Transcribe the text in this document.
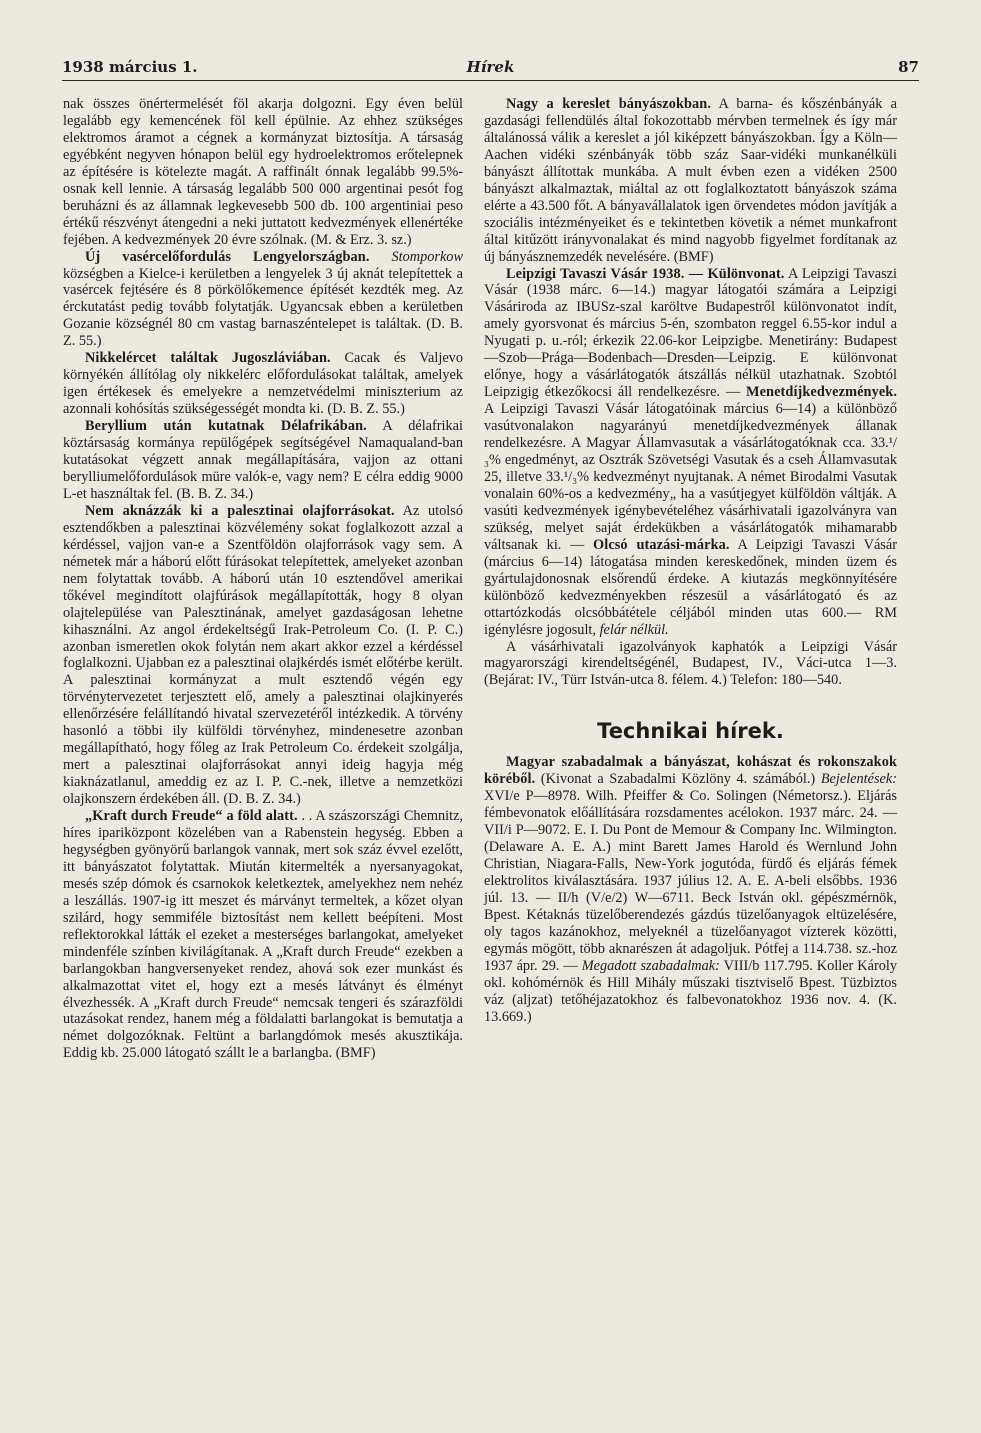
1938 március 1.	Hírek	87

nak összes önértermelését föl akarja dolgozni. Egy éven belül legalább egy kemencének föl kell épülnie. Az ehhez szükséges elektromos áramot a cégnek a kormányzat biztosítja. A társaság egyébként negyven hónapon belül egy hydroelektromos erőtelepnek az építésére is kötelezte magát. A raffinált ónnak legalább 99.5%-osnak kell lennie. A társaság legalább 500 000 argentinai pesót fog beruházni és az államnak legkevesebb 500 db. 100 argentiniai peso értékű részvényt átengedni a neki juttatott kedvezmények ellenértéke fejében. A kedvezmények 20 évre szólnak. (M. & Erz. 3. sz.)

Új vasércelőfordulás Lengyelországban. Stomporkow községben a Kielce-i kerületben a lengyelek 3 új aknát telepítettek a vasércek fejtésére és 8 pörkölőkemence építését kezdték meg. Az érckutatást pedig tovább folytatják. Ugyancsak ebben a kerületben Gozanie községnél 80 cm vastag barnaszéntelepet is találtak. (D. B. Z. 55.)

Nikkelércet találtak Jugoszláviában. Cacak és Valjevo környékén állítólag oly nikkelérc előfordulásokat találtak, amelyek igen értékesek és emelyekre a nemzetvédelmi miniszterium az azonnali kohósítás szükségességét mondta ki. (D. B. Z. 55.)

Beryllium után kutatnak Délafrikában. A délafrikai köztársaság kormánya repülőgépek segítségével Namaqualand-ban kutatásokat végzett annak megállapítására, vajjon az ottani berylliumelőfordulások müre valók-e, vagy nem? E célra eddig 9000 L-et használtak fel. (B. B. Z. 34.)

Nem aknázzák ki a palesztinai olajforrásokat. Az utolsó esztendőkben a palesztinai közvélemény sokat foglalkozott azzal a kérdéssel, vajjon van-e a Szentföldön olajforrások vagy sem. A németek már a háború előtt fúrásokat telepítettek, amelyeket azonban nem folytattak tovább. A háború után 10 esztendővel amerikai tőkével megindított olajfúrások megállapították, hogy 8 olyan olajtelepülése van Palesztinának, amelyet gazdaságosan lehetne kihasználni. Az angol érdekeltségű Irak-Petroleum Co. (I. P. C.) azonban ismeretlen okok folytán nem akart akkor ezzel a kérdéssel foglalkozni. Ujabban ez a palesztinai olajkérdés ismét előtérbe került. A palesztinai kormányzat a mult esztendő végén egy törvénytervezetet terjesztett elő, amely a palesztinai olajkinyerés ellenőrzésére felállítandó hivatal szervezetéről intézkedik. A törvény hasonló a többi ily külföldi törvényhez, mindenesetre azonban megállapítható, hogy főleg az Irak Petroleum Co. érdekeit szolgálja, mert a palesztinai olajforrásokat annyi ideig hagyja még kiaknázatlanul, ameddig ez az I. P. C.-nek, illetve a nemzetközi olajkonszern érdekében áll. (D. B. Z. 34.)

„Kraft durch Freude“ a föld alatt. . . A szászországi Chemnitz, híres ipariközpont közelében van a Rabenstein hegység. Ebben a hegységben gyönyörű barlangok vannak, mert sok száz évvel ezelőtt, itt bányászatot folytattak. Miután kitermelték a nyersanyagokat, mesés szép dómok és csarnokok keletkeztek, amelyekhez nem nehéz a leszállás. 1907-ig itt meszet és márványt termeltek, a kőzet olyan szilárd, hogy semmiféle biztosítást nem kellett beépíteni. Most reflektorokkal látták el ezeket a mesterséges barlangokat, amelyeket mindenféle színben kivilágítanak. A „Kraft durch Freude“ ezekben a barlangokban hangversenyeket rendez, ahová sok ezer munkást és alkalmazottat vitet el, hogy ezt a mesés látványt és élményt élvezhessék. A „Kraft durch Freude“ nemcsak tengeri és szárazföldi utazásokat rendez, hanem még a földalatti barlangokat is bemutatja a német dolgozóknak. Feltünt a barlangdómok mesés akusztikája. Eddig kb. 25.000 látogató szállt le a barlangba. (BMF)

Nagy a kereslet bányászokban. A barna- és kőszénbányák a gazdasági fellendülés által fokozottabb mérvben termelnek és így már általánossá válik a kereslet a jól kiképzett bányászokban. Így a Köln—Aachen vidéki szénbányák több száz Saar-vidéki munkanélküli bányászt állítottak munkába. A mult évben ezen a vidéken 2500 bányászt alkalmaztak, miáltal az ott foglalkoztatott bányászok száma elérte a 43.500 főt. A bányavállalatok igen örvendetes módon javítják a szociális intézményeiket és e tekintetben követik a német munkafront által kitűzött irányvonalakat és mind nagyobb figyelmet fordítanak az új bányásznemzedék nevelésére. (BMF)

Leipzigi Tavaszi Vásár 1938. — Különvonat. A Leipzigi Tavaszi Vásár (1938 márc. 6—14.) magyar látogatói számára a Leipzigi Vásáriroda az IBUSz-szal karöltve Budapestről különvonatot indít, amely gyorsvonat és március 5-én, szombaton reggel 6.55-kor indul a Nyugati p. u.-ról; érkezik 22.06-kor Leipzigbe. Menetirány: Budapest—Szob—Prága—Bodenbach—Dresden—Leipzig. E különvonat előnye, hogy a vásárlátogatók átszállás nélkül utazhatnak. Szobtól Leipzigig étkezőkocsi áll rendelkezésre. — Menetdíjkedvezmények. A Leipzigi Tavaszi Vásár látogatóinak március 6—14) a különböző vasútvonalakon nagyarányú menetdíjkedvezmények állanak rendelkezésre. A Magyar Államvasutak a vásárlátogatóknak cca. 33.¹/₃% engedményt, az Osztrák Szövetségi Vasutak és a cseh Államvasutak 25, illetve 33.¹/₃% kedvezményt nyujtanak. A német Birodalmi Vasutak vonalain 60%-os a kedvezmény„ ha a vasútjegyet külföldön váltják. A vasúti kedvezmények igénybevételéhez vásárhivatali igazolványra van szükség, melyet saját érdekükben a vásárlátogatók mihamarabb váltsanak ki. — Olcsó utazási-márka. A Leipzigi Tavaszi Vásár (március 6—14) látogatása minden kereskedőnek, minden üzem és gyártulajdonosnak elsőrendű érdeke. A kiutazás megkönnyítésére különböző kedvezményekben részesül a vásárlátogató és az ottartózkodás olcsóbbátétele céljából minden utas 600.— RM igénylésre jogosult, felár nélkül.

A vásárhivatali igazolványok kaphatók a Leipzigi Vásár magyarországi kirendeltségénél, Budapest, IV., Váci-utca 1—3. (Bejárat: IV., Türr István-utca 8. félem. 4.) Telefon: 180—540.

Technikai hírek.

Magyar szabadalmak a bányászat, kohászat és rokonszakok köréből. (Kivonat a Szabadalmi Közlöny 4. számából.) Bejelentések: XVI/e P—8978. Wilh. Pfeiffer & Co. Solingen (Németorsz.). Eljárás fémbevonatok előállítására rozsdamentes acélokon. 1937 márc. 24. — VII/i P—9072. E. I. Du Pont de Memour & Company Inc. Wilmington. (Delaware A. E. A.) mint Barett James Harold és Wernlund John Christian, Niagara-Falls, New-York jogutóda, fürdő és eljárás fémek elektrolitos kiválasztására. 1937 július 12. A. E. A-beli elsőbbs. 1936 júl. 13. — II/h (V/e/2) W—6711. Beck István okl. gépészmérnök, Bpest. Kétaknás tüzelőberendezés gázdús tüzelőanyagok eltüzelésére, oly tagos kazánokhoz, melyeknél a tüzelőanyagot vízterek közötti, egymás mögött, több aknarészen át adagoljuk. Pótfej a 114.738. sz.-hoz 1937 ápr. 29. — Megadott szabadalmak: VIII/b 117.795. Koller Károly okl. kohómérnök és Hill Mihály műszaki tisztviselő Bpest. Tüzbiztos váz (aljzat) tetőhéjazatokhoz és falbevonatokhoz 1936 nov. 4. (K. 13.669.)
